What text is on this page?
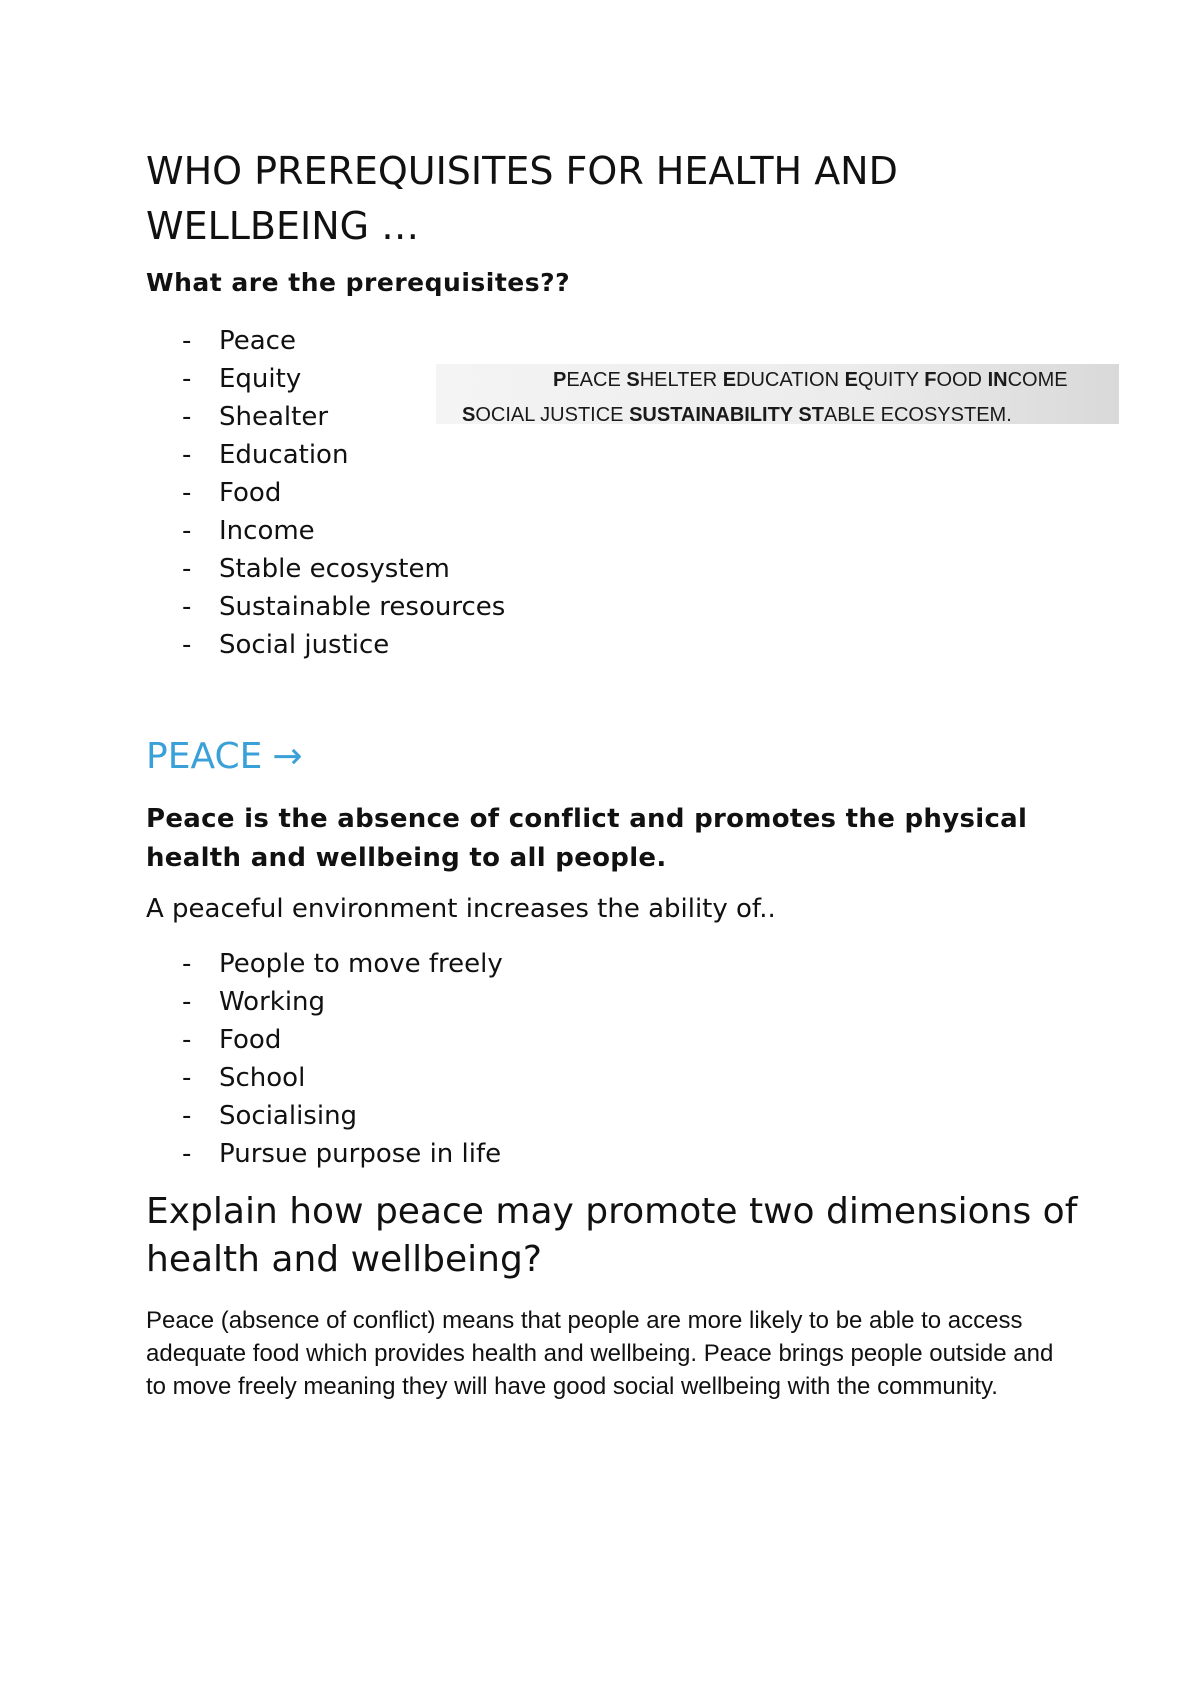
WHO PREREQUISITES FOR HEALTH AND WELLBEING …
What are the prerequisites??
- Peace
- Equity
- Shealter
- Education
- Food
- Income
- Stable ecosystem
- Sustainable resources
- Social justice
PEACE SHELTER EDUCATION EQUITY FOOD INCOME
SOCIAL JUSTICE SUSTAINABILITY STABLE ECOSYSTEM.
PEACE →

Peace is the absence of conflict and promotes the physical health and wellbeing to all people.

A peaceful environment increases the ability of..

- People to move freely
- Working
- Food
- School
- Socialising
- Pursue purpose in life
Explain how peace may promote two dimensions of health and wellbeing?

Peace (absence of conflict) means that people are more likely to be able to access adequate food which provides health and wellbeing. Peace brings people outside and to move freely meaning they will have good social wellbeing with the community.
